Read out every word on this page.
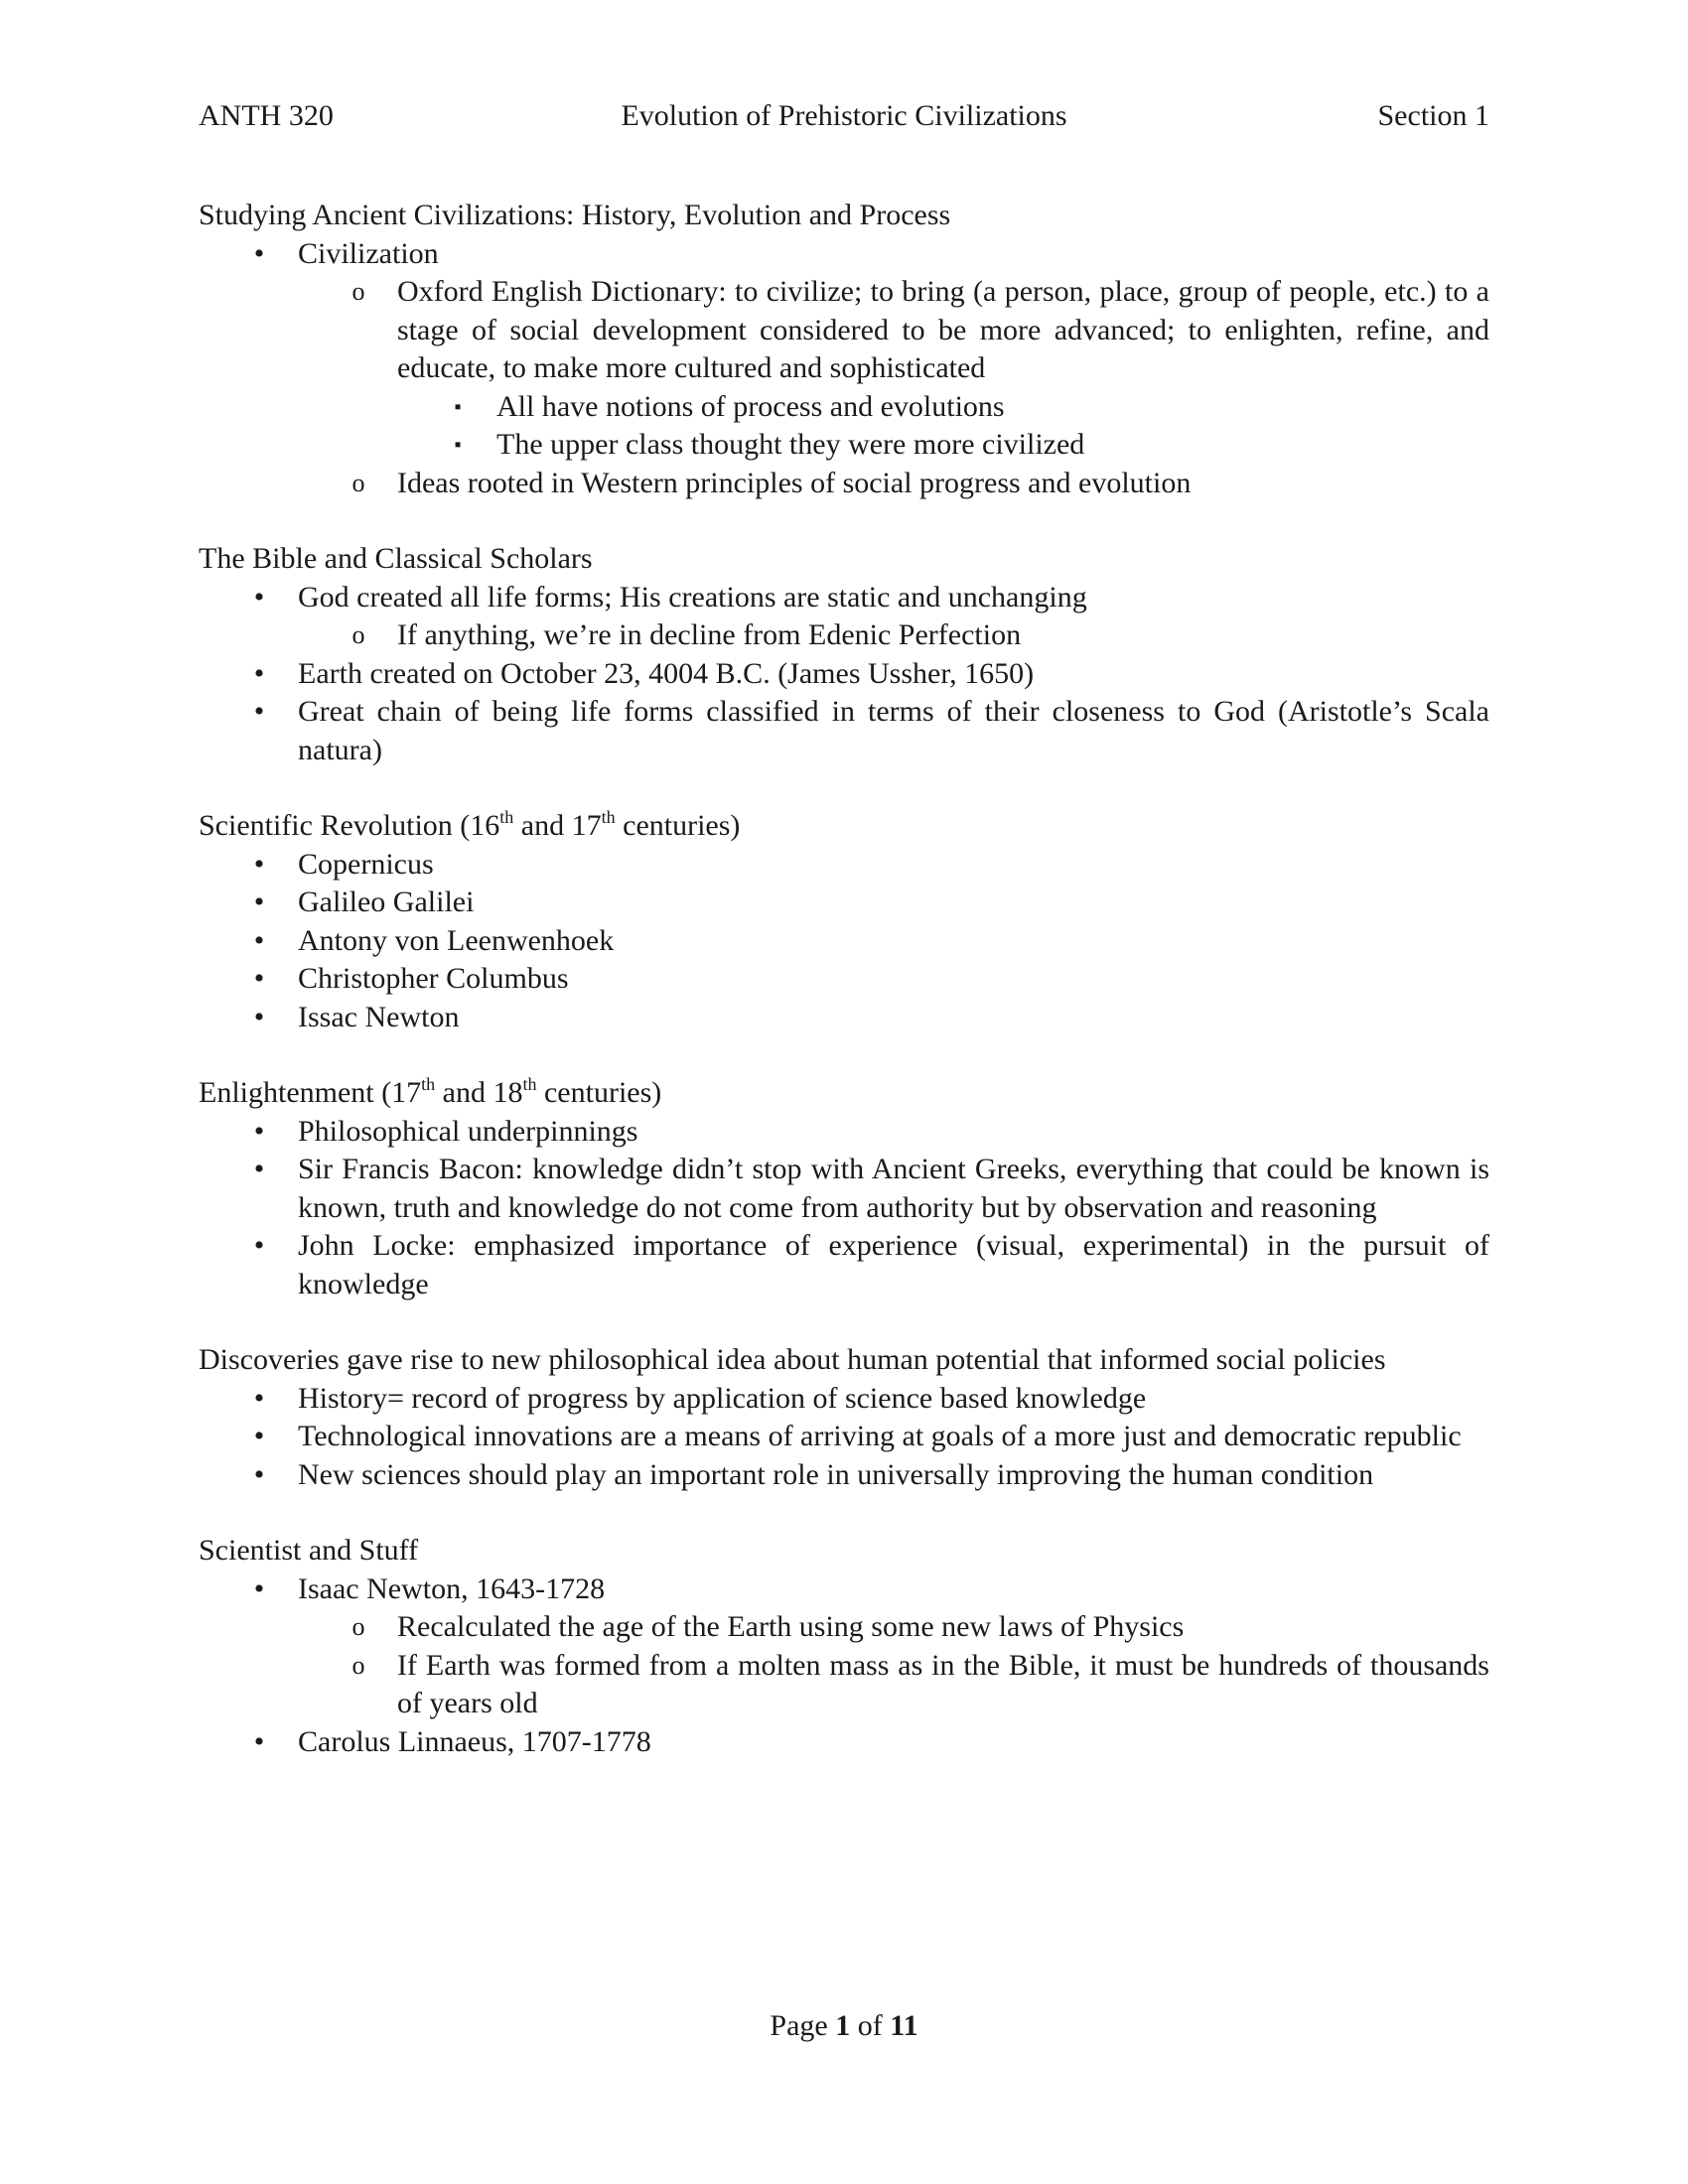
ANTH 320	Evolution of Prehistoric Civilizations	Section 1

Studying Ancient Civilizations: History, Evolution and Process

•	Civilization
o Oxford English Dictionary: to civilize; to bring (a person, place, group of people, etc.) to a stage of social development considered to be more advanced; to enlighten, refine, and educate, to make more cultured and sophisticated
▪	All have notions of process and evolutions
▪	The upper class thought they were more civilized
o Ideas rooted in Western principles of social progress and evolution

The Bible and Classical Scholars

•	God created all life forms; His creations are static and unchanging
o If anything, we’re in decline from Edenic Perfection
•	Earth created on October 23, 4004 B.C. (James Ussher, 1650)
•	Great chain of being life forms classified in terms of their closeness to God (Aristotle’s Scala natura)

Scientific Revolution (16th and 17th centuries)

•	Copernicus
•	Galileo Galilei
•	Antony von Leenwenhoek
•	Christopher Columbus
•	Issac Newton

Enlightenment (17th and 18th centuries)

•	Philosophical underpinnings
•	Sir Francis Bacon: knowledge didn’t stop with Ancient Greeks, everything that could be known is known, truth and knowledge do not come from authority but by observation and reasoning
•	John Locke: emphasized importance of experience (visual, experimental) in the pursuit of knowledge

Discoveries gave rise to new philosophical idea about human potential that informed social policies

•	History= record of progress by application of science based knowledge
•	Technological innovations are a means of arriving at goals of a more just and democratic republic
•	New sciences should play an important role in universally improving the human condition

Scientist and Stuff

•	Isaac Newton, 1643-1728
o Recalculated the age of the Earth using some new laws of Physics
o If Earth was formed from a molten mass as in the Bible, it must be hundreds of thousands of years old
•	Carolus Linnaeus, 1707-1778
Page 1 of 11
